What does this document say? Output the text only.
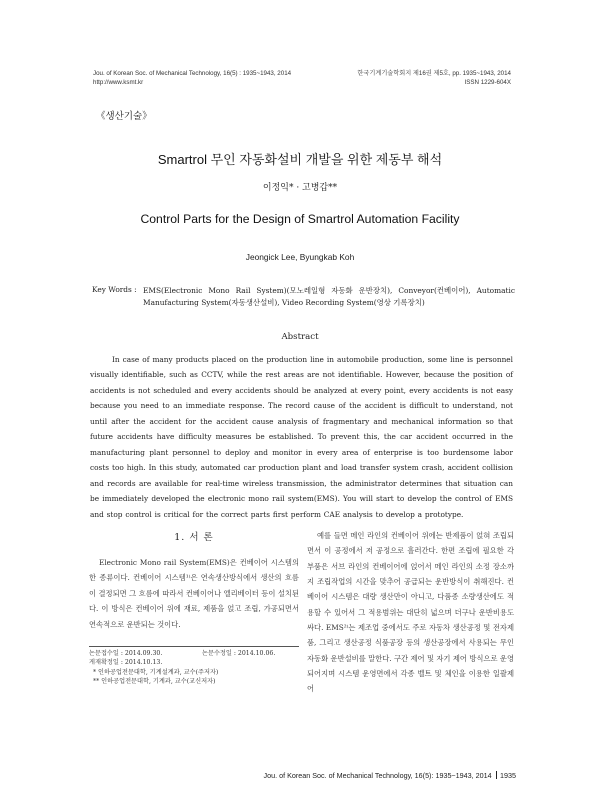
Jou. of Korean Soc. of Mechanical Technology, 16(5) : 1935~1943, 2014
http://www.ksmt.kr
한국기계기술학회지 제16권 제5호, pp. 1935~1943, 2014
ISSN 1229-604X
《생산기술》
Smartrol 무인 자동화설비 개발을 위한 제동부 해석
이정익* · 고병갑**
Control Parts for the Design of Smartrol Automation Facility
Jeongick Lee, Byungkab Koh
Key Words : EMS(Electronic Mono Rail System)(모노레일형 자동화 운반장치), Conveyor(컨베이어), Automatic Manufacturing System(자동생산설비), Video Recording System(영상 기록장치)
Abstract
In case of many products placed on the production line in automobile production, some line is personnel visually identifiable, such as CCTV, while the rest areas are not identifiable. However, because the position of accidents is not scheduled and every accidents should be analyzed at every point, every accidents is not easy because you need to an immediate response. The record cause of the accident is difficult to understand, not until after the accident for the accident cause analysis of fragmentary and mechanical information so that future accidents have difficulty measures be established. To prevent this, the car accident occurred in the manufacturing plant personnel to deploy and monitor in every area of enterprise is too burdensome labor costs too high. In this study, automated car production plant and load transfer system crash, accident collision and records are available for real-time wireless transmission, the administrator determines that situation can be immediately developed the electronic mono rail system(EMS). You will start to develop the control of EMS and stop control is critical for the correct parts first perform CAE analysis to develop a prototype.
1. 서 론
Electronic Mono rail System(EMS)은 컨베이어 시스템의 한 종류이다. 컨베이어 시스템¹⁾은 연속생산방식에서 생산의 흐름이 결정되면 그 흐름에 따라서 컨베이어나 엘리베이터 등이 설치된다. 이 방식은 컨베이어 위에 재료, 제품을 얹고 조립, 가공되면서 연속적으로 운반되는 것이다.
예를 들면 메인 라인의 컨베이어 위에는 반제품이 얹혀 조립되면서 이 공정에서 저 공정으로 흘러간다. 한편 조립에 필요한 각 부품은 서브 라인의 컨베이어에 얹어서 메인 라인의 소정 장소까지 조립작업의 시간을 맞추어 공급되는 운반방식이 취해진다. 컨베이어 시스템은 대량 생산만이 아니고, 다품종 소량생산에도 적용할 수 있어서 그 적용범위는 대단히 넓으며 더구나 운반비용도 싸다. EMS²⁾는 제조업 중에서도 주로 자동차 생산공정 및 전자제품, 그리고 생산공정 식품공장 등의 생산공장에서 사용되는 무인 자동화 운반설비를 말한다. 구간 제어 및 자기 제어 방식으로 운영되어지며 시스템 운영면에서 각종 벨트 및 체인을 이용한 일괄제어
논문접수일 : 2014.09.30.	논문수정일 : 2014.10.06.
게재확정일 : 2014.10.13.
* 인하공업전문대학, 기계설계과, 교수(주저자)
** 인하공업전문대학, 기계과, 교수(교신저자)
Jou. of Korean Soc. of Mechanical Technology, 16(5): 1935~1943, 2014 1935
